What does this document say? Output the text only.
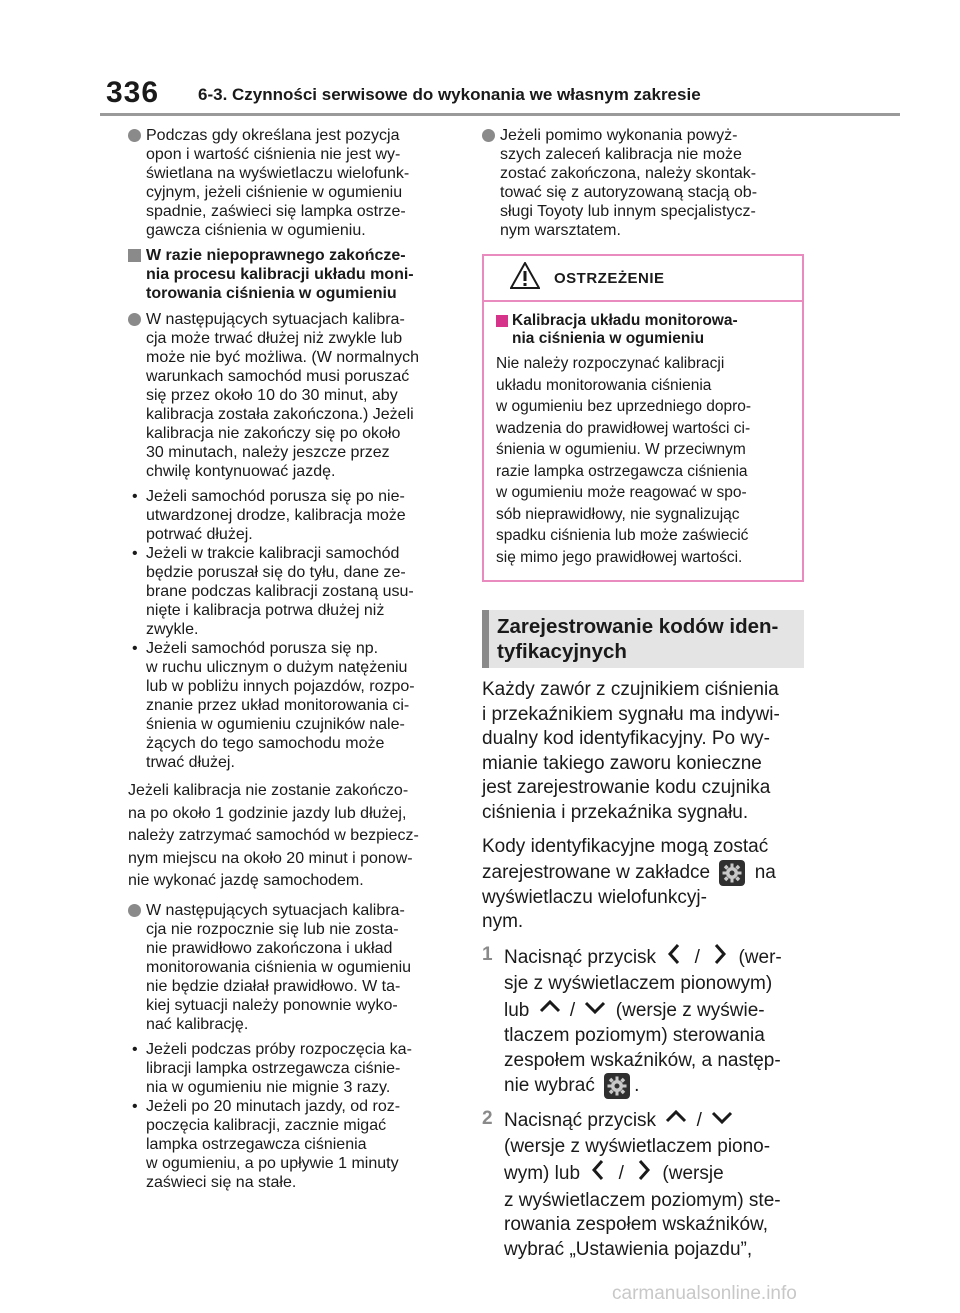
336 6-3. Czynności serwisowe do wykonania we własnym zakresie
Podczas gdy określana jest pozycja
opon i wartość ciśnienia nie jest wy-
świetlana na wyświetlaczu wielofunk-
cyjnym, jeżeli ciśnienie w ogumieniu
spadnie, zaświeci się lampka ostrze-
gawcza ciśnienia w ogumieniu.
W razie niepoprawnego zakończe-
nia procesu kalibracji układu moni-
torowania ciśnienia w ogumieniu
W następujących sytuacjach kalibra-
cja może trwać dłużej niż zwykle lub
może nie być możliwa. (W normalnych
warunkach samochód musi poruszać
się przez około 10 do 30 minut, aby
kalibracja została zakończona.) Jeżeli
kalibracja nie zakończy się po około
30 minutach, należy jeszcze przez
chwilę kontynuować jazdę.
• Jeżeli samochód porusza się po nie-
utwardzonej drodze, kalibracja może
potrwać dłużej.
• Jeżeli w trakcie kalibracji samochód
będzie poruszał się do tyłu, dane ze-
brane podczas kalibracji zostaną usu-
nięte i kalibracja potrwa dłużej niż
zwykle.
• Jeżeli samochód porusza się np.
w ruchu ulicznym o dużym natężeniu
lub w pobliżu innych pojazdów, rozpo-
znanie przez układ monitorowania ci-
śnienia w ogumieniu czujników nale-
żących do tego samochodu może
trwać dłużej.
Jeżeli kalibracja nie zostanie zakończo-
na po około 1 godzinie jazdy lub dłużej,
należy zatrzymać samochód w bezpiecz-
nym miejscu na około 20 minut i ponow-
nie wykonać jazdę samochodem.
W następujących sytuacjach kalibra-
cja nie rozpocznie się lub nie zosta-
nie prawidłowo zakończona i układ
monitorowania ciśnienia w ogumieniu
nie będzie działał prawidłowo. W ta-
kiej sytuacji należy ponownie wyko-
nać kalibrację.
• Jeżeli podczas próby rozpoczęcia ka-
libracji lampka ostrzegawcza ciśnie-
nia w ogumieniu nie mignie 3 razy.
• Jeżeli po 20 minutach jazdy, od roz-
poczęcia kalibracji, zacznie migać
lampka ostrzegawcza ciśnienia
w ogumieniu, a po upływie 1 minuty
zaświeci się na stałe.
Jeżeli pomimo wykonania powyż-
szych zaleceń kalibracja nie może
zostać zakończona, należy skontak-
tować się z autoryzowaną stacją ob-
sługi Toyoty lub innym specjalistycz-
nym warsztatem.
OSTRZEŻENIE
Kalibracja układu monitorowa-
nia ciśnienia w ogumieniu
Nie należy rozpoczynać kalibracji
układu monitorowania ciśnienia
w ogumieniu bez uprzedniego dopro-
wadzenia do prawidłowej wartości ci-
śnienia w ogumieniu. W przeciwnym
razie lampka ostrzegawcza ciśnienia
w ogumieniu może reagować w spo-
sób nieprawidłowy, nie sygnalizując
spadku ciśnienia lub może zaświecić
się mimo jego prawidłowej wartości.
Zarejestrowanie kodów iden-
tyfikacyjnych
Każdy zawór z czujnikiem ciśnienia
i przekaźnikiem sygnału ma indywi-
dualny kod identyfikacyjny. Po wy-
mianie takiego zaworu konieczne
jest zarejestrowanie kodu czujnika
ciśnienia i przekaźnika sygnału.
Kody identyfikacyjne mogą zostać
zarejestrowane w zakładce na
wyświetlaczu wielofunkcyj-
nym.
1 Nacisnąć przycisk / (wer-
sje z wyświetlaczem pionowym)
lub / (wersje z wyświe-
tlaczem poziomym) sterowania
zespołem wskaźników, a następ-
nie wybrać .
2 Nacisnąć przycisk /
(wersje z wyświetlaczem piono-
wym) lub / (wersje
z wyświetlaczem poziomym) ste-
rowania zespołem wskaźników,
wybrać „Ustawienia pojazdu”,
carmanualsonline.info
